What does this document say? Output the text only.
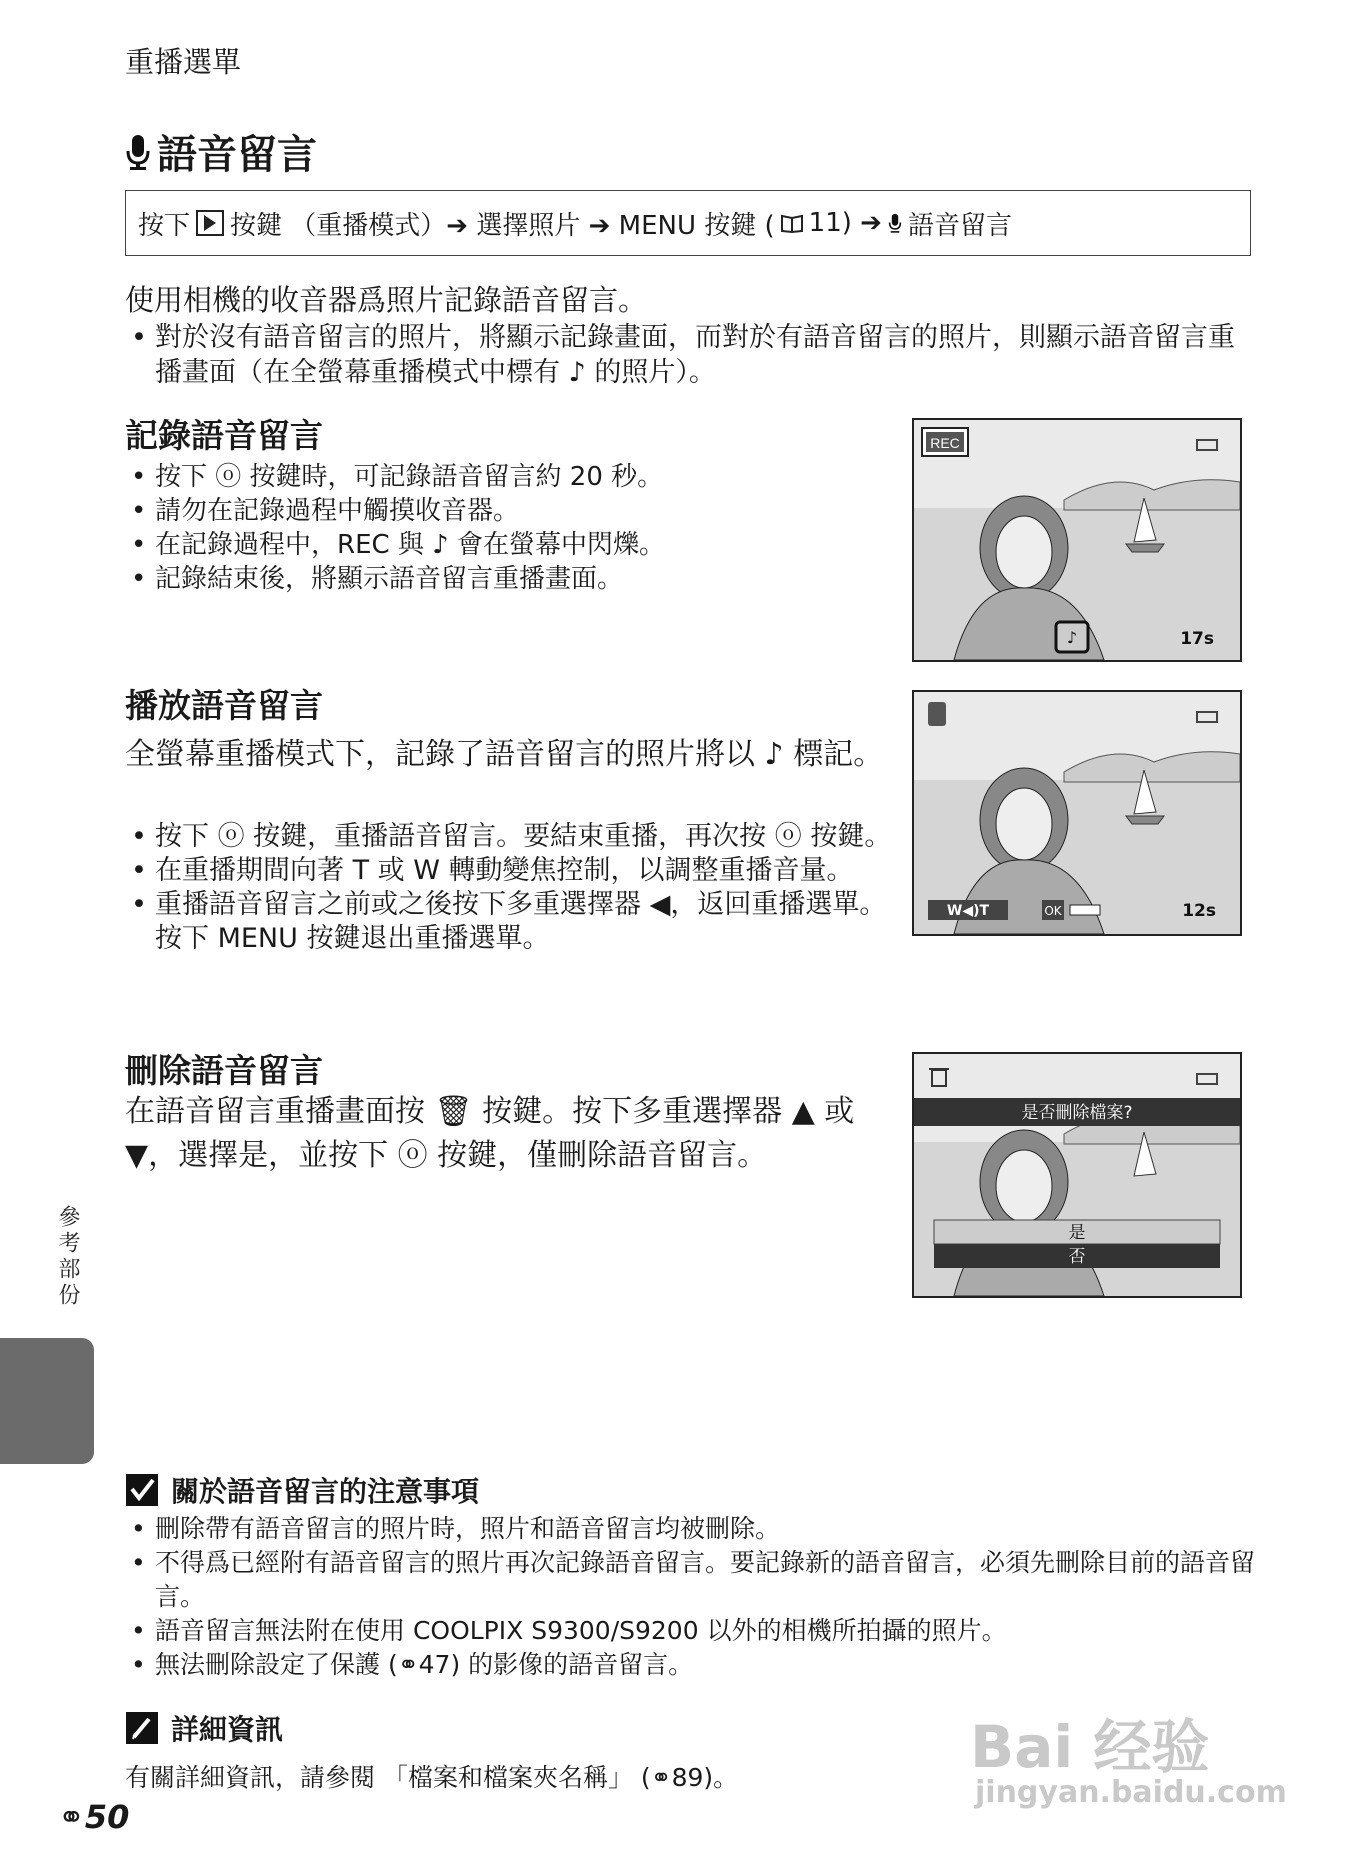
重播選單
語音留言
按下 按鍵 （重播模式）➔ 選擇照片 ➔ MENU 按鍵 ( 11) ➔ 語音留言
使用相機的收音器爲照片記錄語音留言。
• 對於沒有語音留言的照片，將顯示記錄畫面，而對於有語音留言的照片，則顯示語音留言重播畫面（在全螢幕重播模式中標有 ♪ 的照片）。
記錄語音留言
• 按下 ⓞ 按鍵時，可記錄語音留言約 20 秒。
• 請勿在記錄過程中觸摸收音器。
• 在記錄過程中，REC 與 ♪ 會在螢幕中閃爍。
• 記錄結束後，將顯示語音留言重播畫面。
REC
♪	17s
播放語音留言
全螢幕重播模式下，記錄了語音留言的照片將以 ♪ 標記。
• 按下 ⓞ 按鍵，重播語音留言。要結束重播，再次按 ⓞ 按鍵。
• 在重播期間向著 T 或 W 轉動變焦控制，以調整重播音量。
• 重播語音留言之前或之後按下多重選擇器 ◀，返回重播選單。按下 MENU 按鍵退出重播選單。
W◀)T	OK	12s
刪除語音留言
在語音留言重播畫面按 🗑 按鍵。按下多重選擇器 ▲ 或 ▼，選擇是，並按下 ⓞ 按鍵，僅刪除語音留言。
是否刪除檔案?
是
否
參考部份
關於語音留言的注意事項
• 刪除帶有語音留言的照片時，照片和語音留言均被刪除。
• 不得爲已經附有語音留言的照片再次記錄語音留言。要記錄新的語音留言，必須先刪除目前的語音留言。
• 語音留言無法附在使用 COOLPIX S9300/S9200 以外的相機所拍攝的照片。
• 無法刪除設定了保護 (⚭47) 的影像的語音留言。
詳細資訊
有關詳細資訊，請參閱 「檔案和檔案夾名稱」 (⚭89)。
⚭50
Bai 经验
jingyan.baidu.com
